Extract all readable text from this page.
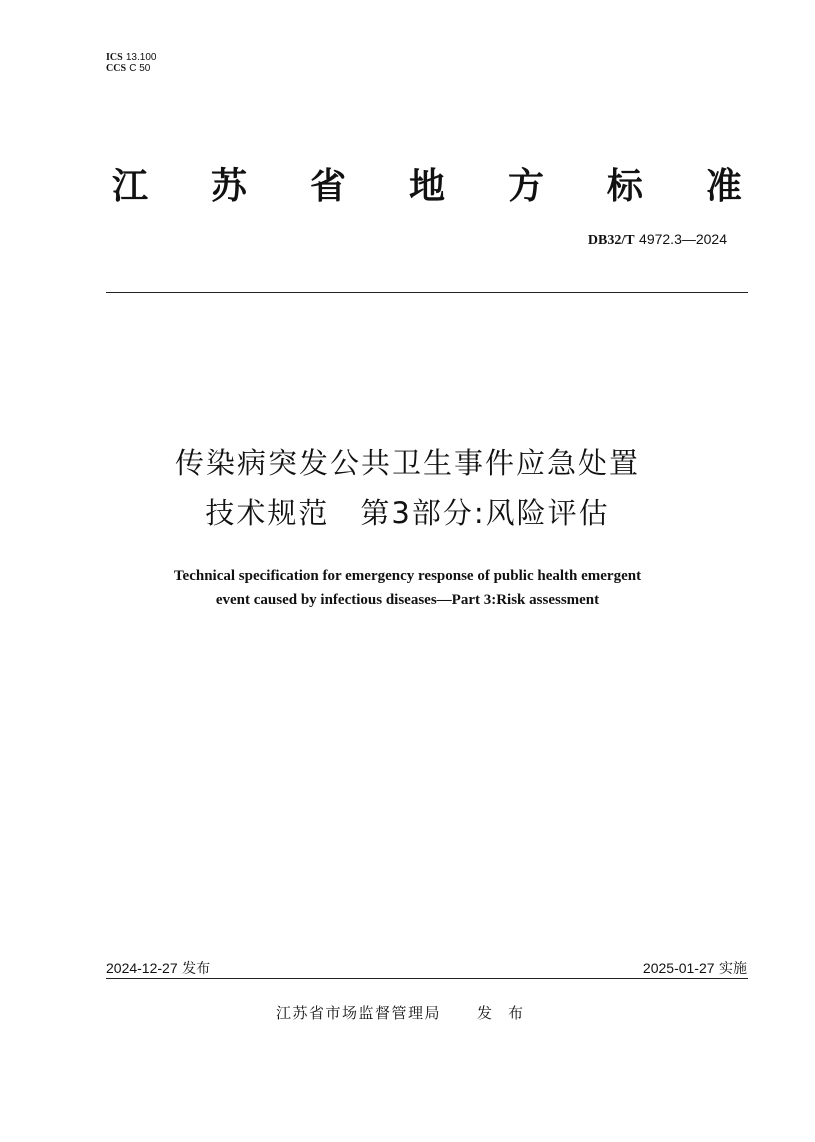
ICS 13.100
CCS C 50
江 苏 省 地 方 标 准
DB32/T 4972.3—2024
传染病突发公共卫生事件应急处置
技术规范　第3部分:风险评估
Technical specification for emergency response of public health emergent
event caused by infectious diseases—Part 3:Risk assessment
2024-12-27 发布	2025-01-27 实施
江苏省市场监督管理局 发布
